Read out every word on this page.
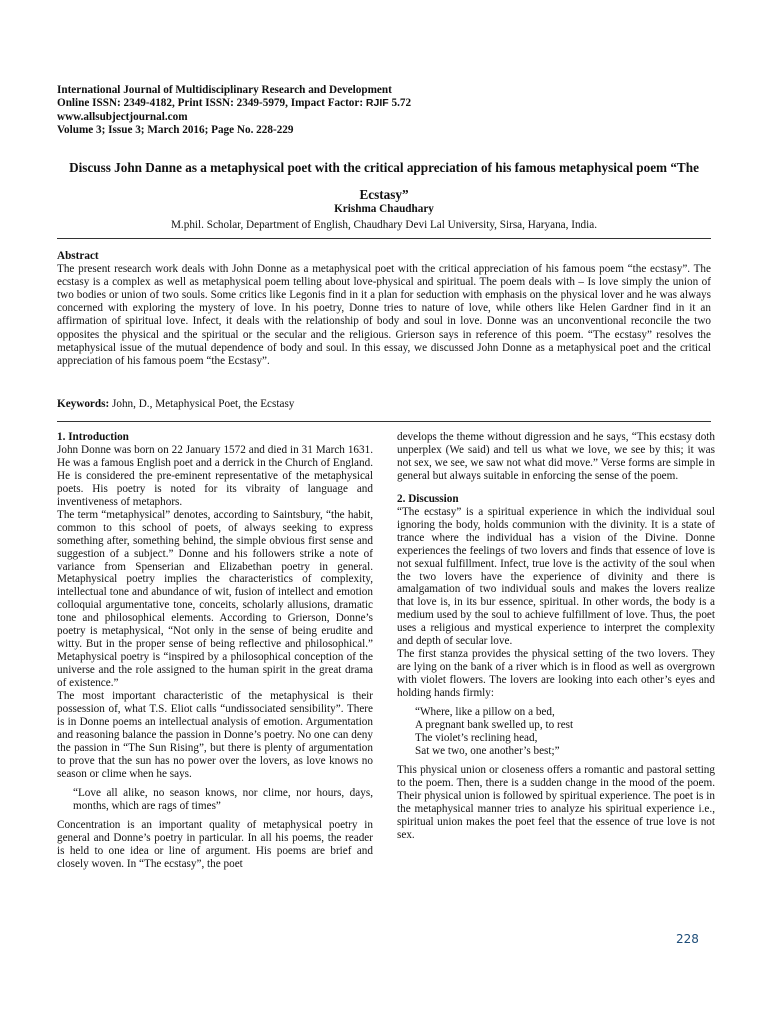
International Journal of Multidisciplinary Research and Development
Online ISSN: 2349-4182, Print ISSN: 2349-5979, Impact Factor: RJIF 5.72
www.allsubjectjournal.com
Volume 3; Issue 3; March 2016; Page No. 228-229
Discuss John Danne as a metaphysical poet with the critical appreciation of his famous metaphysical poem “The Ecstasy”
Krishma Chaudhary
M.phil. Scholar, Department of English, Chaudhary Devi Lal University, Sirsa, Haryana, India.
Abstract

The present research work deals with John Donne as a metaphysical poet with the critical appreciation of his famous poem “the ecstasy”. The ecstasy is a complex as well as metaphysical poem telling about love-physical and spiritual. The poem deals with – Is love simply the union of two bodies or union of two souls. Some critics like Legonis find in it a plan for seduction with emphasis on the physical lover and he was always concerned with exploring the mystery of love. In his poetry, Donne tries to nature of love, while others like Helen Gardner find in it an affirmation of spiritual love. Infect, it deals with the relationship of body and soul in love. Donne was an unconventional reconcile the two opposites the physical and the spiritual or the secular and the religious. Grierson says in reference of this poem. “The ecstasy” resolves the metaphysical issue of the mutual dependence of body and soul. In this essay, we discussed John Donne as a metaphysical poet and the critical appreciation of his famous poem “the Ecstasy”.

Keywords: John, D., Metaphysical Poet, the Ecstasy
1. Introduction

John Donne was born on 22 January 1572 and died in 31 March 1631. He was a famous English poet and a derrick in the Church of England. He is considered the pre-eminent representative of the metaphysical poets. His poetry is noted for its vibraity of language and inventiveness of metaphors.

The term “metaphysical” denotes, according to Saintsbury, “the habit, common to this school of poets, of always seeking to express something after, something behind, the simple obvious first sense and suggestion of a subject.” Donne and his followers strike a note of variance from Spenserian and Elizabethan poetry in general. Metaphysical poetry implies the characteristics of complexity, intellectual tone and abundance of wit, fusion of intellect and emotion colloquial argumentative tone, conceits, scholarly allusions, dramatic tone and philosophical elements. According to Grierson, Donne’s poetry is metaphysical, “Not only in the sense of being erudite and witty. But in the proper sense of being reflective and philosophical.” Metaphysical poetry is “inspired by a philosophical conception of the universe and the role assigned to the human spirit in the great drama of existence.”

The most important characteristic of the metaphysical is their possession of, what T.S. Eliot calls “undissociated sensibility”. There is in Donne poems an intellectual analysis of emotion. Argumentation and reasoning balance the passion in Donne’s poetry. No one can deny the passion in “The Sun Rising”, but there is plenty of argumentation to prove that the sun has no power over the lovers, as love knows no season or clime when he says.

“Love all alike, no season knows, nor clime, nor hours, days, months, which are rags of times”

Concentration is an important quality of metaphysical poetry in general and Donne’s poetry in particular. In all his poems, the reader is held to one idea or line of argument. His poems are brief and closely woven. In “The ecstasy”, the poet

develops the theme without digression and he says, “This ecstasy doth unperplex (We said) and tell us what we love, we see by this; it was not sex, we see, we saw not what did move.” Verse forms are simple in general but always suitable in enforcing the sense of the poem.

2. Discussion

“The ecstasy” is a spiritual experience in which the individual soul ignoring the body, holds communion with the divinity. It is a state of trance where the individual has a vision of the Divine. Donne experiences the feelings of two lovers and finds that essence of love is not sexual fulfillment. Infect, true love is the activity of the soul when the two lovers have the experience of divinity and there is amalgamation of two individual souls and makes the lovers realize that love is, in its bur essence, spiritual. In other words, the body is a medium used by the soul to achieve fulfillment of love. Thus, the poet uses a religious and mystical experience to interpret the complexity and depth of secular love.

The first stanza provides the physical setting of the two lovers. They are lying on the bank of a river which is in flood as well as overgrown with violet flowers. The lovers are looking into each other’s eyes and holding hands firmly:

“Where, like a pillow on a bed,
A pregnant bank swelled up, to rest
The violet’s reclining head,
Sat we two, one another’s best;”

This physical union or closeness offers a romantic and pastoral setting to the poem. Then, there is a sudden change in the mood of the poem. Their physical union is followed by spiritual experience. The poet is in the metaphysical manner tries to analyze his spiritual experience i.e., spiritual union makes the poet feel that the essence of true love is not sex.

228
